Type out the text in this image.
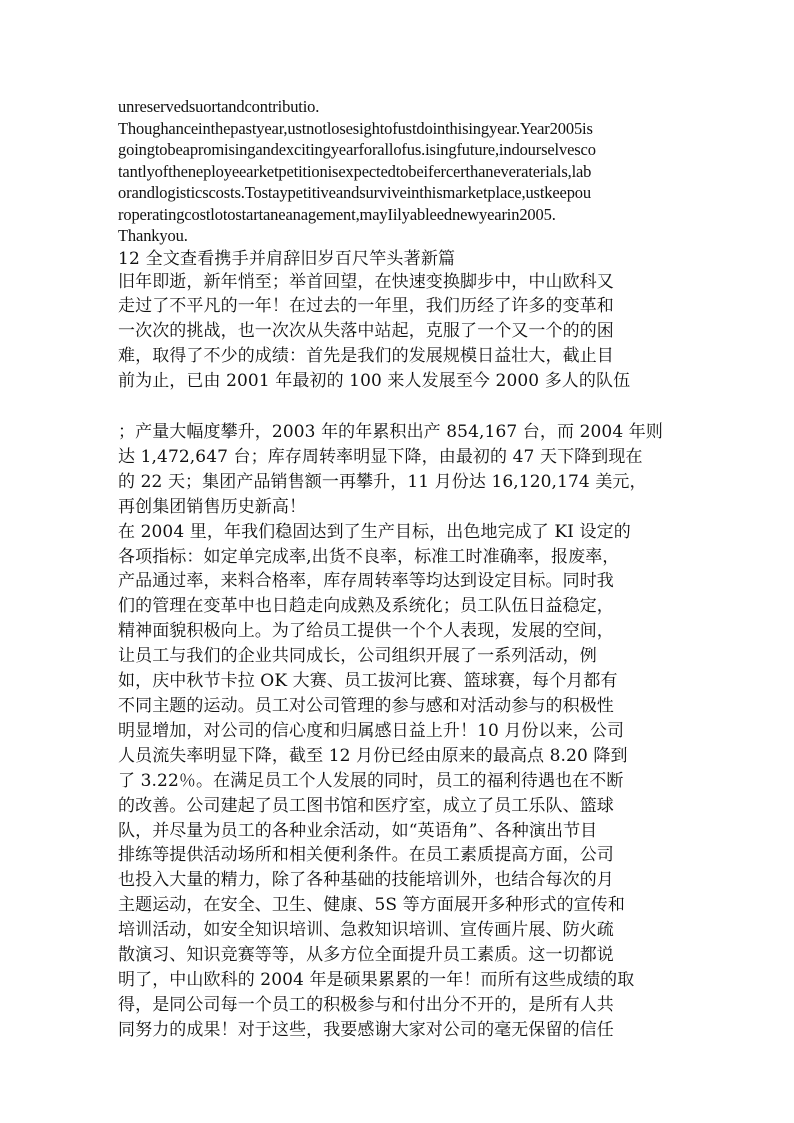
unreservedsuortandcontributio.

Thoughanceinthepastyear,ustnotlosesightofustdointhisingyear.Year2005is

goingtobeapromisingandexcitingyearforallofus.isingfuture,indourselvesco

tantlyoftheneployeearketpetitionisexpectedtobeifercerthaneveraterials,lab

orandlogisticscosts.Tostaypetitiveandsurviveinthismarketplace,ustkeepou

roperatingcostlotostartaneanagement,mayIilyableednewyearin2005.

Thankyou.

12 全文查看携手并肩辞旧岁百尺竿头著新篇

旧年即逝，新年悄至；举首回望，在快速变换脚步中，中山欧科又

走过了不平凡的一年！在过去的一年里，我们历经了许多的变革和

一次次的挑战，也一次次从失落中站起，克服了一个又一个的的困

难，取得了不少的成绩：首先是我们的发展规模日益壮大，截止目

前为止，已由 2001 年最初的 100 来人发展至今 2000 多人的队伍

；产量大幅度攀升，2003 年的年累积出产 854,167 台，而 2004 年则

达 1,472,647 台；库存周转率明显下降，由最初的 47 天下降到现在

的 22 天；集团产品销售额一再攀升，11 月份达 16,120,174 美元，

再创集团销售历史新高！

在 2004 里，年我们稳固达到了生产目标，出色地完成了 KI 设定的

各项指标：如定单完成率,出货不良率，标准工时准确率，报废率，

产品通过率，来料合格率，库存周转率等均达到设定目标。同时我

们的管理在变革中也日趋走向成熟及系统化；员工队伍日益稳定，

精神面貌积极向上。为了给员工提供一个个人表现，发展的空间，

让员工与我们的企业共同成长，公司组织开展了一系列活动，例

如，庆中秋节卡拉 OK 大赛、员工拔河比赛、篮球赛，每个月都有

不同主题的运动。员工对公司管理的参与感和对活动参与的积极性

明显增加，对公司的信心度和归属感日益上升！10 月份以来，公司

人员流失率明显下降，截至 12 月份已经由原来的最高点 8.20 降到

了 3.22％。在满足员工个人发展的同时，员工的福利待遇也在不断

的改善。公司建起了员工图书馆和医疗室，成立了员工乐队、篮球

队，并尽量为员工的各种业余活动，如“英语角”、各种演出节目

排练等提供活动场所和相关便利条件。在员工素质提高方面，公司

也投入大量的精力，除了各种基础的技能培训外，也结合每次的月

主题运动，在安全、卫生、健康、5S 等方面展开多种形式的宣传和

培训活动，如安全知识培训、急救知识培训、宣传画片展、防火疏

散演习、知识竞赛等等，从多方位全面提升员工素质。这一切都说

明了，中山欧科的 2004 年是硕果累累的一年！而所有这些成绩的取

得，是同公司每一个员工的积极参与和付出分不开的，是所有人共

同努力的成果！对于这些，我要感谢大家对公司的毫无保留的信任
